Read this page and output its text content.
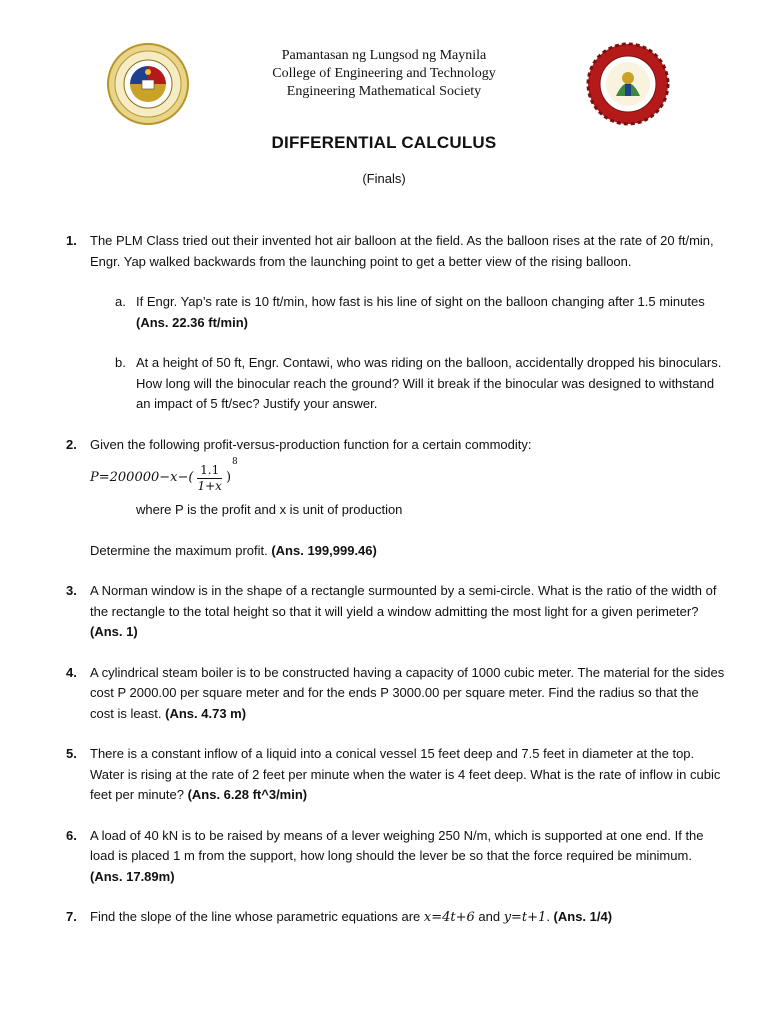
Pamantasan ng Lungsod ng Maynila
College of Engineering and Technology
Engineering Mathematical Society
DIFFERENTIAL CALCULUS
(Finals)
1. The PLM Class tried out their invented hot air balloon at the field. As the balloon rises at the rate of 20 ft/min, Engr. Yap walked backwards from the launching point to get a better view of the rising balloon.
a. If Engr. Yap’s rate is 10 ft/min, how fast is his line of sight on the balloon changing after 1.5 minutes (Ans. 22.36 ft/min)
b. At a height of 50 ft, Engr. Contawi, who was riding on the balloon, accidentally dropped his binoculars. How long will the binocular reach the ground? Will it break if the binocular was designed to withstand an impact of 5 ft/sec? Justify your answer.
2. Given the following profit-versus-production function for a certain commodity:
$P=200000-x-( \frac{1.1}{1+x}$ )
8
where P is the profit and x is unit of production
Determine the maximum profit. (Ans. 199,999.46)
3. A Norman window is in the shape of a rectangle surmounted by a semi-circle. What is the ratio of the width of the rectangle to the total height so that it will yield a window admitting the most light for a given perimeter? (Ans. 1)
4. A cylindrical steam boiler is to be constructed having a capacity of 1000 cubic meter. The material for the sides cost P 2000.00 per square meter and for the ends P 3000.00 per square meter. Find the radius so that the cost is least. (Ans. 4.73 m)
5. There is a constant inflow of a liquid into a conical vessel 15 feet deep and 7.5 feet in diameter at the top. Water is rising at the rate of 2 feet per minute when the water is 4 feet deep. What is the rate of inflow in cubic feet per minute? (Ans. 6.28 ft^3/min)
6. A load of 40 kN is to be raised by means of a lever weighing 250 N/m, which is supported at one end. If the load is placed 1 m from the support, how long should the lever be so that the force required be minimum. (Ans. 17.89m)
7. Find the slope of the line whose parametric equations are x=4t+6 and y=t+1. (Ans. 1/4)
